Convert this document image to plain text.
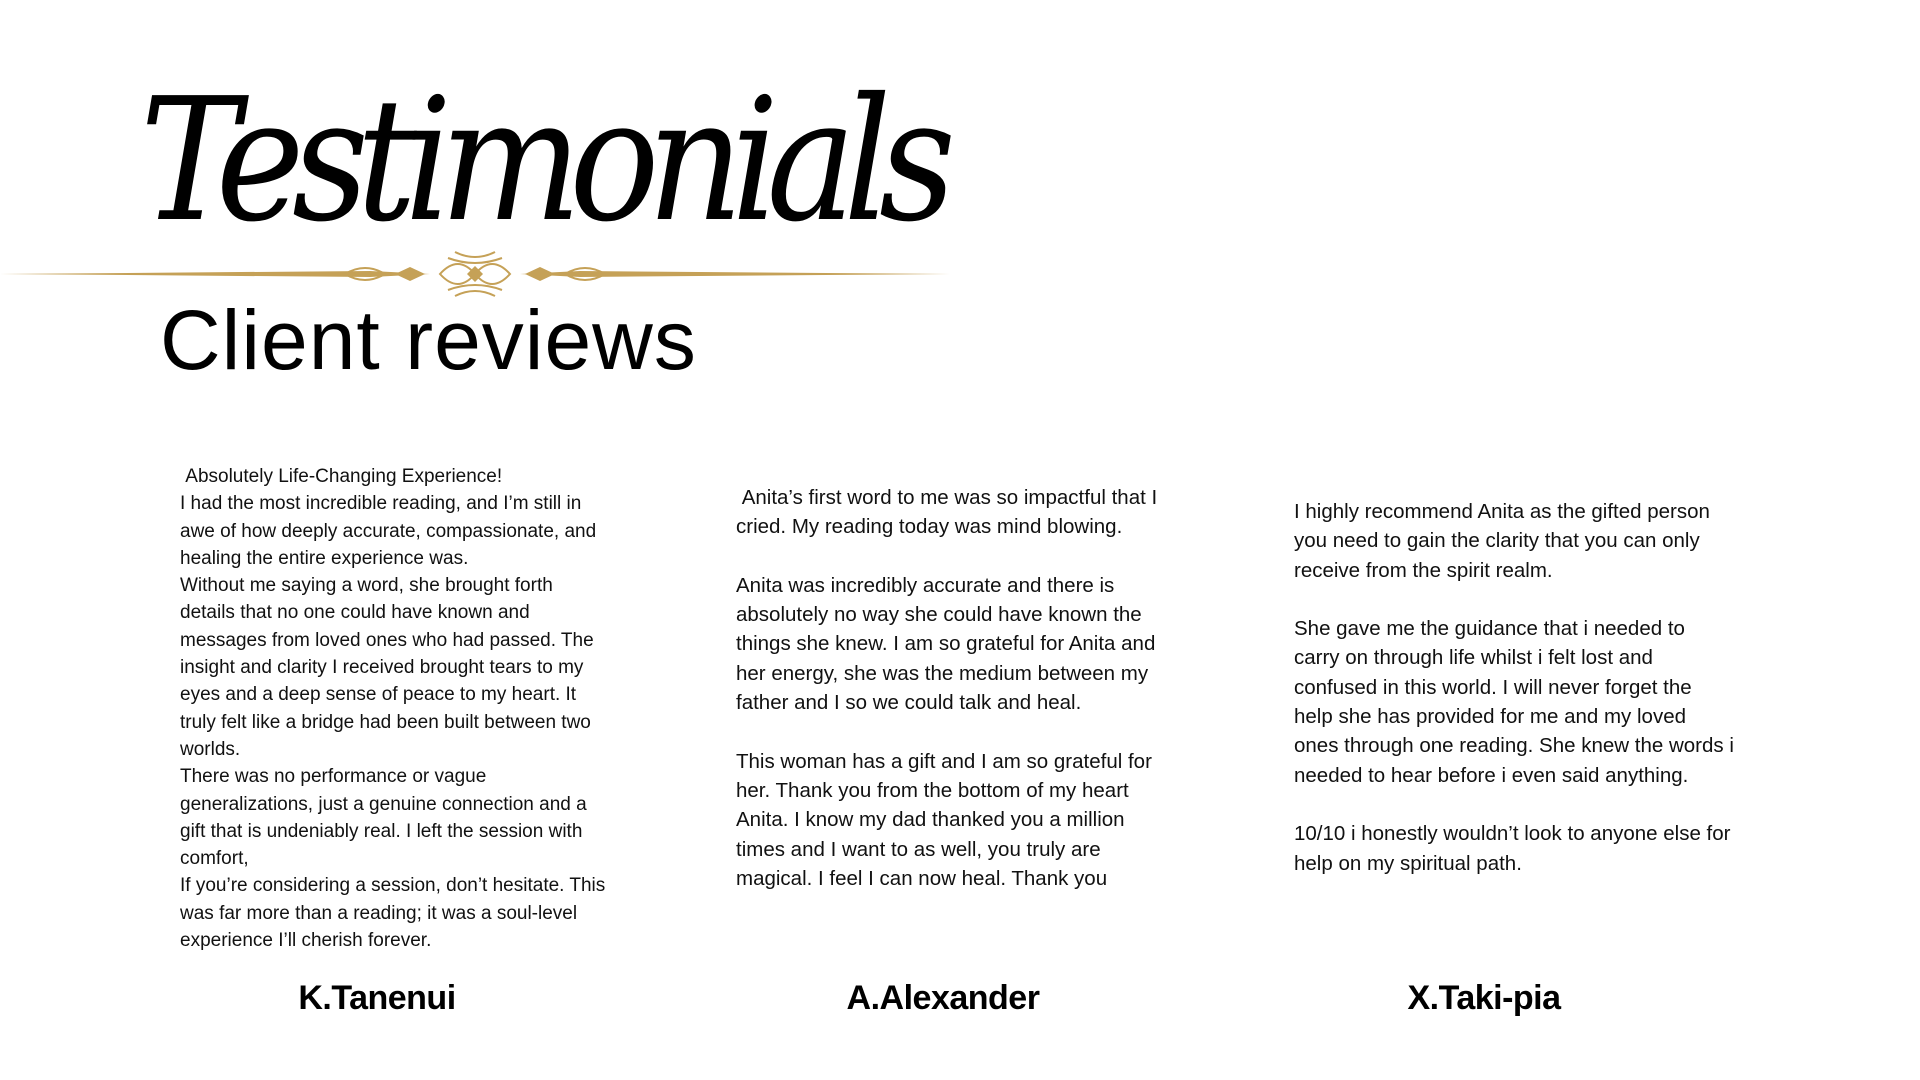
Testimonials
Client reviews

Absolutely Life-Changing Experience!
I had the most incredible reading, and I’m still in awe of how deeply accurate, compassionate, and healing the entire experience was.
Without me saying a word, she brought forth details that no one could have known and messages from loved ones who had passed. The insight and clarity I received brought tears to my eyes and a deep sense of peace to my heart. It truly felt like a bridge had been built between two worlds.
There was no performance or vague generalizations, just a genuine connection and a gift that is undeniably real. I left the session with comfort,
If you’re considering a session, don’t hesitate. This was far more than a reading; it was a soul-level experience I’ll cherish forever.

K.Tanenui

Anita’s first word to me was so impactful that I cried. My reading today was mind blowing.

Anita was incredibly accurate and there is absolutely no way she could have known the things she knew. I am so grateful for Anita and her energy, she was the medium between my father and I so we could talk and heal.

This woman has a gift and I am so grateful for her. Thank you from the bottom of my heart Anita. I know my dad thanked you a million times and I want to as well, you truly are magical. I feel I can now heal. Thank you

A.Alexander

I highly recommend Anita as the gifted person you need to gain the clarity that you can only receive from the spirit realm.

She gave me the guidance that i needed to carry on through life whilst i felt lost and confused in this world. I will never forget the help she has provided for me and my loved ones through one reading. She knew the words i needed to hear before i even said anything.

10/10 i honestly wouldn’t look to anyone else for help on my spiritual path.

X.Taki-pia
